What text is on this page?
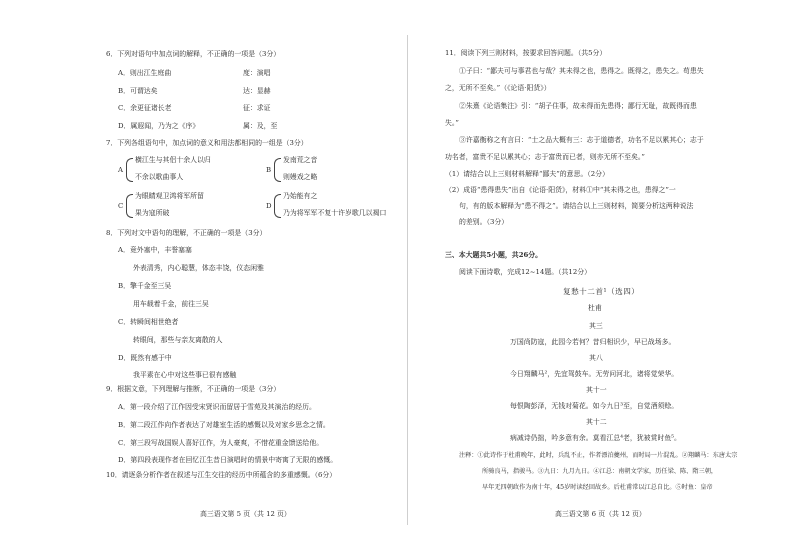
6．下列对语句中加点词的解释，不正确的一项是（3分）
A．则出江生庭曲	度：演唱
B．可谓达矣	达：显赫
C．余更征诸长老	征：求证
D．属遐闻，乃为之《序》	属：及，至
7．下列各组语句中，加点词的意义和用法都相同的一组是（3分）
A
横江生与其侣十余人以归
不余以歌曲事人
B
发南荒之音
则嫚戏之略
C
为眼睛观卫鸿将军所留
果为寇所破
D
乃始能有之
乃为将军军不复十许岁歌几以褐口
8．下列对文中语句的理解，不正确的一项是（3分）
A．竟外塞中，丰誉塞塞
外表清秀，内心聪慧，体态丰饶，仪态闲雅
B．擎千金至三吴
用车载着千金，前往三吴
C．转瞬间相世绝者
转眼间，那些与亲友离散的人
D．既然有感于中
我平素在心中对这些事已很有感触
9．根据文意，下列理解与推断，不正确的一项是（3分）
A．第一段介绍了江作因受宋贤识而留居于雪苑及其演治的经历。
B．第二段江作向作者表达了对雄室生活的感慨以及对家乡思念之情。
C．第三段写战国娱人喜好江作，为人豪爽，不惜花重金馈送给他。
D．第四段表现作者在回忆江生昔日演唱时的情景中寄寓了无限的感慨。
10．请逐条分析作者在叙述与江生交往的经历中所蕴含的多重感慨。（6分）
高三语文第 5 页（共 12 页）
11．阅读下列三则材料，按要求回答问题。（共5分）
①子曰：“鄙夫可与事君也与哉？其未得之也，患得之。既得之，患失之。苟患失
之，无所不至矣。”（《论语·阳货》）
②朱熹《论语集注》引：“胡子住事，故未得而先患得；鄙行无耻，故既得而患
失。”
③许嘉衡称之有言曰：“士之品大概有三：志于道德者，功名不足以累其心；志于
功名者，富贵不足以累其心；志于富贵而已者，则亦无所不至矣。”
（1）请结合以上三则材料解释“鄙夫”的意思。（2分）
（2）成语“患得患失”出自《论语·阳货》，材料①中“其未得之也，患得之”一
句，有的版本解释为“患不得之”。请结合以上三则材料，简要分析这两种说法
的差别。（3分）
三、本大题共5小题，共26分。
阅读下面诗歌，完成12~14题。（共12分）
复愁十二首¹（选四）
杜甫
其三
万国尚防寇，此园今若何？昔归相识少，早已战场多。
其八
今日翔麟马²，先宜驾鼓车。无劳问河北，诸将觉荣华。
其十一
每恨陶彭泽，无钱对菊花。如今九日³至，自觉酒须赊。
其十二
病减诗仍拙，吟多意有余。莫看江总⁴老，犹被赏时鱼⁵。
注释：①此诗作于杜甫晚年，此时，兵乱不止，作者漂泊夔州，而时局一片混乱。②翔麟马：东唐太宗
所骑良马，指骏马。③九日：九月九日。④江总：南朝文学家，历任梁、陈、隋三朝，
早年无四朝政作为南十年，45岁时读经回故乡。后杜甫常以江总自比。⑤时鱼：皇帝
高三语文第 6 页（共 12 页）
